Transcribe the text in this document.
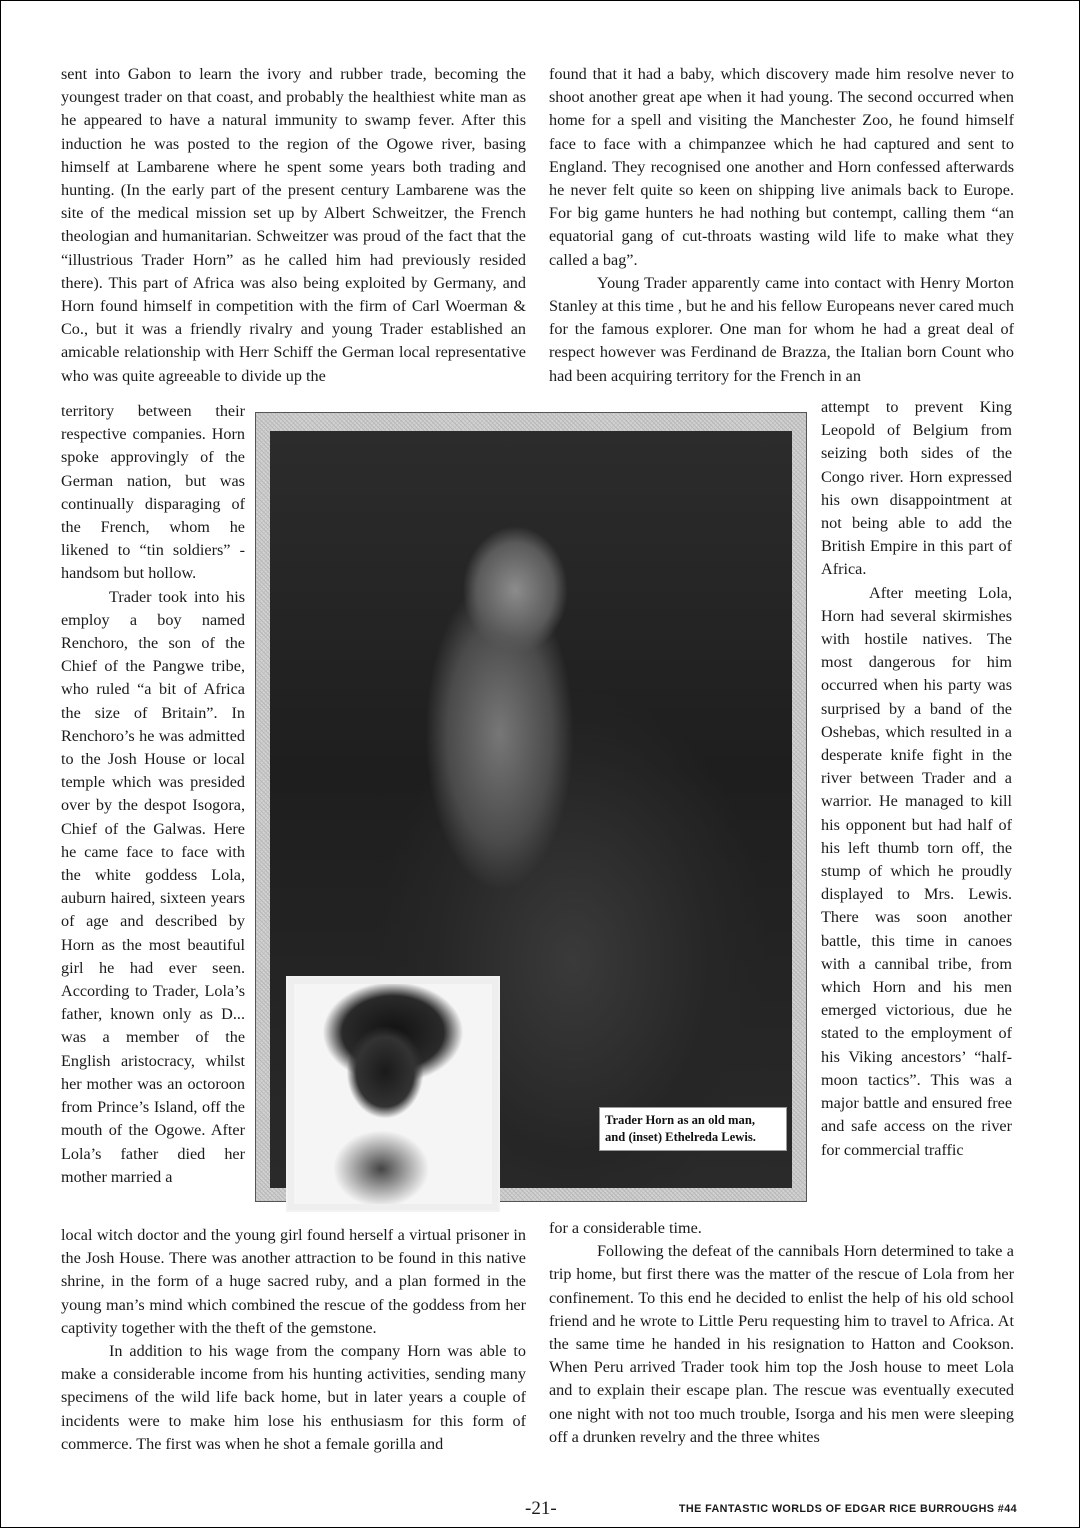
sent into Gabon to learn the ivory and rubber trade, becoming the youngest trader on that coast, and probably the healthiest white man as he appeared to have a natural immunity to swamp fever. After this induction he was posted to the region of the Ogowe river, basing himself at Lambarene where he spent some years both trading and hunting. (In the early part of the present century Lambarene was the site of the medical mission set up by Albert Schweitzer, the French theologian and humanitarian. Schweitzer was proud of the fact that the “illustrious Trader Horn” as he called him had previously resided there). This part of Africa was also being exploited by Germany, and Horn found himself in competition with the firm of Carl Woerman & Co., but it was a friendly rivalry and young Trader established an amicable relationship with Herr Schiff the German local representative who was quite agreeable to divide up the

territory between their respective companies. Horn spoke approvingly of the German nation, but was continually disparaging of the French, whom he likened to “tin soldiers” - handsom but hollow.

Trader took into his employ a boy named Renchoro, the son of the Chief of the Pangwe tribe, who ruled “a bit of Africa the size of Britain”. In Renchoro’s he was admitted to the Josh House or local temple which was presided over by the despot Isogora, Chief of the Galwas. Here he came face to face with the white goddess Lola, auburn haired, sixteen years of age and described by Horn as the most beautiful girl he had ever seen. According to Trader, Lola’s father, known only as D... was a member of the English aristocracy, whilst her mother was an octoroon from Prince’s Island, off the mouth of the Ogowe. After Lola’s father died her mother married a

local witch doctor and the young girl found herself a virtual prisoner in the Josh House. There was another attraction to be found in this native shrine, in the form of a huge sacred ruby, and a plan formed in the young man’s mind which combined the rescue of the goddess from her captivity together with the theft of the gemstone.

In addition to his wage from the company Horn was able to make a considerable income from his hunting activities, sending many specimens of the wild life back home, but in later years a couple of incidents were to make him lose his enthusiasm for this form of commerce. The first was when he shot a female gorilla and

found that it had a baby, which discovery made him resolve never to shoot another great ape when it had young. The second occurred when home for a spell and visiting the Manchester Zoo, he found himself face to face with a chimpanzee which he had captured and sent to England. They recognised one another and Horn confessed afterwards he never felt quite so keen on shipping live animals back to Europe. For big game hunters he had nothing but contempt, calling them “an equatorial gang of cut-throats wasting wild life to make what they called a bag”.

Young Trader apparently came into contact with Henry Morton Stanley at this time , but he and his fellow Europeans never cared much for the famous explorer. One man for whom he had a great deal of respect however was Ferdinand de Brazza, the Italian born Count who had been acquiring territory for the French in an

attempt to prevent King Leopold of Belgium from seizing both sides of the Congo river. Horn expressed his own disappointment at not being able to add the British Empire in this part of Africa.

After meeting Lola, Horn had several skirmishes with hostile natives. The most dangerous for him occurred when his party was surprised by a band of the Oshebas, which resulted in a desperate knife fight in the river between Trader and a warrior. He managed to kill his opponent but had half of his left thumb torn off, the stump of which he proudly displayed to Mrs. Lewis. There was soon another battle, this time in canoes with a cannibal tribe, from which Horn and his men emerged victorious, due he stated to the employment of his Viking ancestors’ “half-moon tactics”. This was a major battle and ensured free and safe access on the river for commercial traffic

for a considerable time.

Following the defeat of the cannibals Horn determined to take a trip home, but first there was the matter of the rescue of Lola from her confinement. To this end he decided to enlist the help of his old school friend and he wrote to Little Peru requesting him to travel to Africa. At the same time he handed in his resignation to Hatton and Cookson. When Peru arrived Trader took him top the Josh house to meet Lola and to explain their escape plan. The rescue was eventually executed one night with not too much trouble, Isorga and his men were sleeping off a drunken revelry and the three whites

Trader Horn as an old man,
and (inset) Ethelreda Lewis.
-21-	THE FANTASTIC WORLDS OF EDGAR RICE BURROUGHS #44
